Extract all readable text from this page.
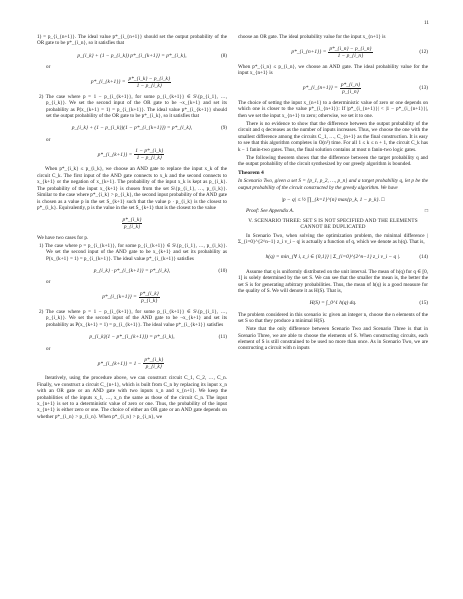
11
1) = p_{i_{n+1}}. The ideal value p*_{i_{n+1}} should set the output probability of the OR gate to be p*_{i_n}, so it satisfies that
p_{i_k} + (1 − p_{i_k}) p*_{i_{k+1}} = p*_{i_k},	(8)
or
p*_{i_{k+1}} = $\frac{p*\_\{i\_k\} - p\_\{i\_k\}}{1 - p\_\{i\_k\}}$
2) The case where p = 1 − p_{i_{k+1}}, for some p_{i_{k+1}} ∈ S\{p_{i_1}, …, p_{i_k}}. We set the second input of the OR gate to be ¬x_{k+1} and set its probability as P(x_{k+1} = 1) = p_{i_{k+1}}. The ideal value p*_{i_{k+1}} should set the output probability of the OR gate to be p*_{i_k}, so it satisfies that
p_{i_k} + (1 − p_{i_k})(1 − p*_{i_{k+1}}) = p*_{i_k},	(9)
or
p*_{i_{k+1}} = $\frac{1 - p*\_\{i\_k\}}{1 - p\_\{i\_k\}}$
When p*_{i_k} ≤ p_{i_k}, we choose an AND gate to replace the input x_k of the circuit C_k. The first input of the AND gate connects to x_k and the second connects to x_{k+1} or the negation of x_{k+1}. The probability of the input x_k is kept as p_{i_k}. The probability of the input x_{k+1} is chosen from the set S\{p_{i_1}, …, p_{i_k}}. Similar to the case where p*_{i_k} > p_{i_k}, the second input probability of the AND gate is chosen as a value p in the set S_{k+1} such that the value p · p_{i_k} is the closest to p*_{i_k}. Equivalently, p is the value in the set S_{k+1} that is the closest to the value
$\frac{p*\_\{i\_k\}}{p\_\{i\_k\}}$
We have two cases for p.
1) The case where p = p_{i_{k+1}}, for some p_{i_{k+1}} ∈ S\{p_{i_1}, …, p_{i_k}}. We set the second input of the AND gate to be x_{k+1} and set its probability as P(x_{k+1} = 1) = p_{i_{k+1}}. The ideal value p*_{i_{k+1}} satisfies
p_{i_k} · p*_{i_{k+1}} = p*_{i_k},	(10)
or
p*_{i_{k+1}} = $\frac{p*\_\{i\_k\}}{p\_\{i\_k\}}$
2) The case where p = 1 − p_{i_{k+1}}, for some p_{i_{k+1}} ∈ S\{p_{i_1}, …, p_{i_k}}. We set the second input of the AND gate to be ¬x_{k+1} and set its probability as P(x_{k+1} = 1) = p_{i_{k+1}}. The ideal value p*_{i_{k+1}} satisfies
p_{i_k}(1 − p*_{i_{k+1}}) = p*_{i_k},	(11)
or
p*_{i_{k+1}} = $1 - \frac{p*\_\{i\_k\}}{p\_\{i\_k\}}$
Iteratively, using the procedure above, we can construct circuit C_1, C_2, …, C_n. Finally, we construct a circuit C_{n+1}, which is built from C_n by replacing its input x_n with an OR gate or an AND gate with two inputs x_n and x_{n+1}. We keep the probabilities of the inputs x_1, …, x_n the same as those of the circuit C_n. The input x_{n+1} is set to a deterministic value of zero or one. Thus, the probability of the input x_{n+1} is either zero or one. The choice of either an OR gate or an AND gate depends on whether p*_{i_n} > p_{i_n}. When p*_{i_n} > p_{i_n}, we
choose an OR gate. The ideal probability value for the input x_{n+1} is
p*_{i_{n+1}} = $\frac{p*\_\{i\_n\} - p\_\{i\_n\}}{1 - p\_\{i\_n\}}$	(12)
When p*_{i_n} ≤ p_{i_n}, we choose an AND gate. The ideal probability value for the input x_{n+1} is
p*_{i_{n+1}} = $\frac{p*\_\{i\_n\}}{p\_\{i\_n\}}$	(13)
The choice of setting the input x_{n+1} to a deterministic value of zero or one depends on which one is closer to the value p*_{i_{n+1}}: If |p*_{i_{n+1}}| < |1 − p*_{i_{n+1}}|, then we set the input x_{n+1} to zero; otherwise, we set it to one.
There is no evidence to show that the difference between the output probability of the circuit and q decreases as the number of inputs increases. Thus, we choose the one with the smallest difference among the circuits C_1, …, C_{n+1} as the final construction. It is easy to see that this algorithm completes in O(n²) time. For all 1 ≤ k ≤ n + 1, the circuit C_k has k − 1 fanin-two gates. Thus, the final solution contains at most n fanin-two logic gates.
The following theorem shows that the difference between the target probability q and the output probability of the circuit synthesized by our greedy algorithm is bounded.
Theorem 4
In Scenario Two, given a set S = {p_1, p_2, …, p_n} and a target probability q, let p be the output probability of the circuit constructed by the greedy algorithm. We have
|p − q| ≤ ½ ∏_{k=1}^{n} max{p_k, 1 − p_k}. □
Proof: See Appendix A.	□
V. SCENARIO THREE: SET S IS NOT SPECIFIED AND THE ELEMENTS CANNOT BE DUPLICATED
In Scenario Two, when solving the optimization problem, the minimal difference |Σ_{i=0}^{2^n−1} z_i v_i − q| is actually a function of q, which we denote as h(q). That is,
h(q) = min_{∀ i, z_i ∈ {0,1}} | Σ_{i=0}^{2^n−1} z_i v_i − q |.	(14)
Assume that q is uniformly distributed on the unit interval. The mean of h(q) for q ∈ [0, 1] is solely determined by the set S. We can see that the smaller the mean is, the better the set S is for generating arbitrary probabilities. Thus, the mean of h(q) is a good measure for the quality of S. We will denote it as H(S). That is,
H(S) = ∫_0^1 h(q) dq.	(15)
The problem considered in this scenario is: given an integer n, choose the n elements of the set S so that they produce a minimal H(S).
Note that the only difference between Scenario Two and Scenario Three is that in Scenario Three, we are able to choose the elements of S. When constructing circuits, each element of S is still constrained to be used no more than once. As in Scenario Two, we are constructing a circuit with n inputs
